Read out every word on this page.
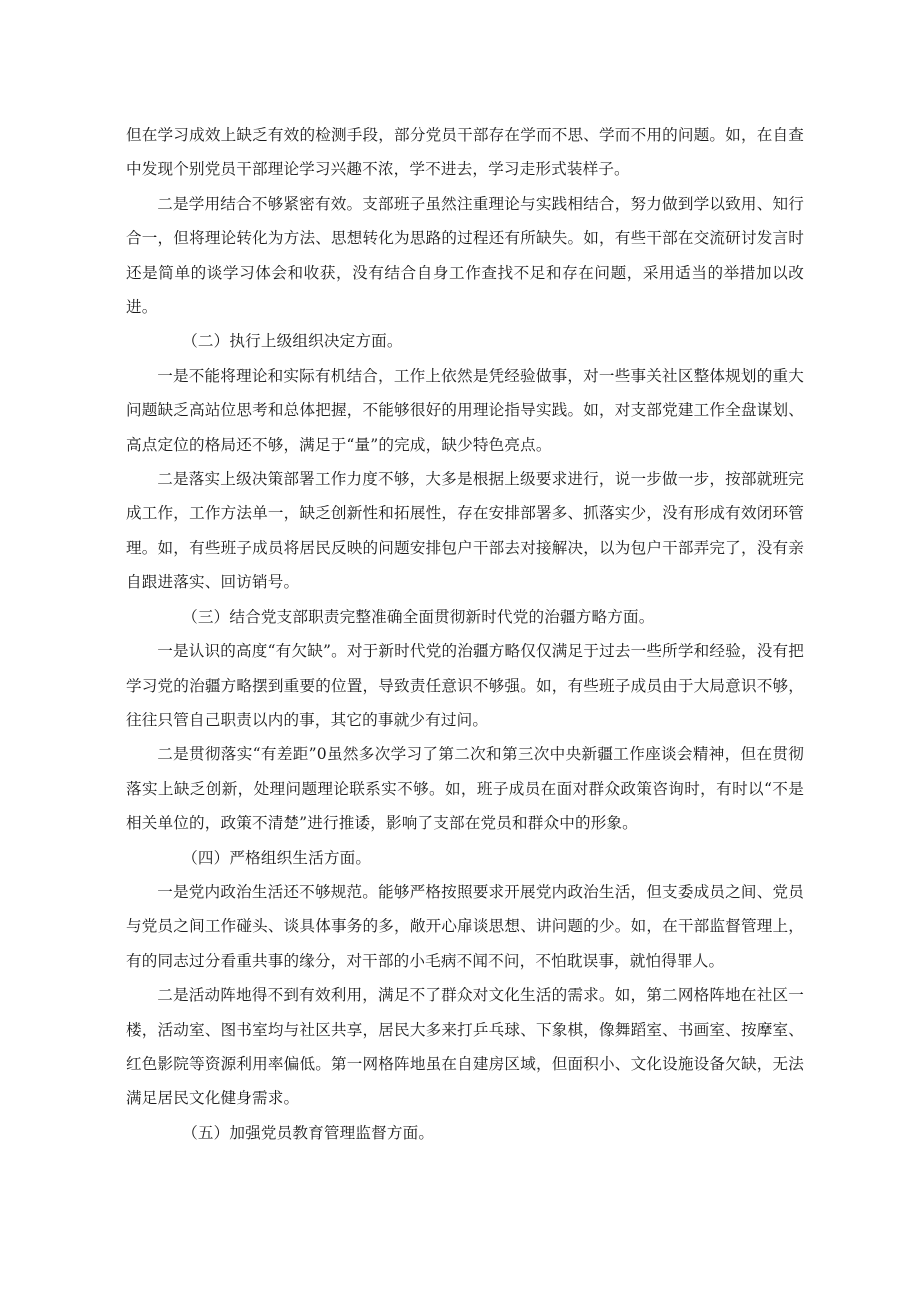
但在学习成效上缺乏有效的检测手段，部分党员干部存在学而不思、学而不用的问题。如，在自查中发现个别党员干部理论学习兴趣不浓，学不进去，学习走形式装样子。

二是学用结合不够紧密有效。支部班子虽然注重理论与实践相结合，努力做到学以致用、知行合一，但将理论转化为方法、思想转化为思路的过程还有所缺失。如，有些干部在交流研讨发言时还是简单的谈学习体会和收获，没有结合自身工作查找不足和存在问题，采用适当的举措加以改进。

（二）执行上级组织决定方面。

一是不能将理论和实际有机结合，工作上依然是凭经验做事，对一些事关社区整体规划的重大问题缺乏高站位思考和总体把握，不能够很好的用理论指导实践。如，对支部党建工作全盘谋划、高点定位的格局还不够，满足于“量”的完成，缺少特色亮点。

二是落实上级决策部署工作力度不够，大多是根据上级要求进行，说一步做一步，按部就班完成工作，工作方法单一，缺乏创新性和拓展性，存在安排部署多、抓落实少，没有形成有效闭环管理。如，有些班子成员将居民反映的问题安排包户干部去对接解决，以为包户干部弄完了，没有亲自跟进落实、回访销号。

（三）结合党支部职责完整准确全面贯彻新时代党的治疆方略方面。

一是认识的高度“有欠缺”。对于新时代党的治疆方略仅仅满足于过去一些所学和经验，没有把学习党的治疆方略摆到重要的位置，导致责任意识不够强。如，有些班子成员由于大局意识不够，往往只管自己职责以内的事，其它的事就少有过问。

二是贯彻落实“有差距”0虽然多次学习了第二次和第三次中央新疆工作座谈会精神，但在贯彻落实上缺乏创新，处理问题理论联系实不够。如，班子成员在面对群众政策咨询时，有时以“不是相关单位的，政策不清楚”进行推诿，影响了支部在党员和群众中的形象。

（四）严格组织生活方面。

一是党内政治生活还不够规范。能够严格按照要求开展党内政治生活，但支委成员之间、党员与党员之间工作碰头、谈具体事务的多，敞开心扉谈思想、讲问题的少。如，在干部监督管理上，有的同志过分看重共事的缘分，对干部的小毛病不闻不问，不怕耽误事，就怕得罪人。

二是活动阵地得不到有效利用，满足不了群众对文化生活的需求。如，第二网格阵地在社区一楼，活动室、图书室均与社区共享，居民大多来打乒乓球、下象棋，像舞蹈室、书画室、按摩室、红色影院等资源利用率偏低。第一网格阵地虽在自建房区域，但面积小、文化设施设备欠缺，无法满足居民文化健身需求。

（五）加强党员教育管理监督方面。
